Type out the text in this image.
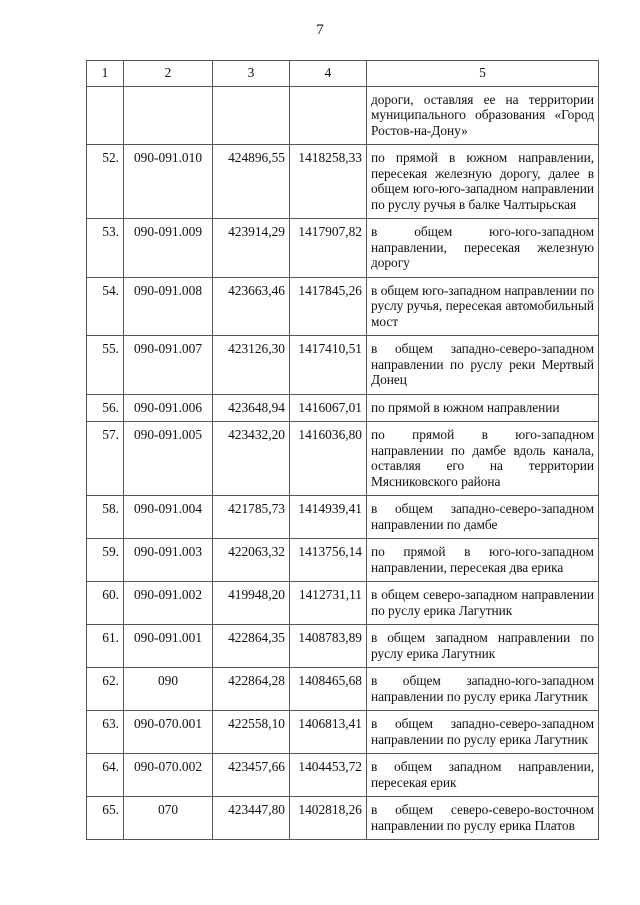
7
1	2	3	4	5
				дороги, оставляя ее на территории муниципального образования «Город Ростов-на-Дону»
52.	090-091.010	424896,55	1418258,33	по прямой в южном направлении, пересекая железную дорогу, далее в общем юго-юго-западном направлении по руслу ручья в балке Чалтырьская
53.	090-091.009	423914,29	1417907,82	в общем юго-юго-западном направлении, пересекая железную дорогу
54.	090-091.008	423663,46	1417845,26	в общем юго-западном направлении по руслу ручья, пересекая автомобильный мост
55.	090-091.007	423126,30	1417410,51	в общем западно-северо-западном направлении по руслу реки Мертвый Донец
56.	090-091.006	423648,94	1416067,01	по прямой в южном направлении
57.	090-091.005	423432,20	1416036,80	по прямой в юго-западном направлении по дамбе вдоль канала, оставляя его на территории Мясниковского района
58.	090-091.004	421785,73	1414939,41	в общем западно-северо-западном направлении по дамбе
59.	090-091.003	422063,32	1413756,14	по прямой в юго-юго-западном направлении, пересекая два ерика
60.	090-091.002	419948,20	1412731,11	в общем северо-западном направлении по руслу ерика Лагутник
61.	090-091.001	422864,35	1408783,89	в общем западном направлении по руслу ерика Лагутник
62.	090	422864,28	1408465,68	в общем западно-юго-западном направлении по руслу ерика Лагутник
63.	090-070.001	422558,10	1406813,41	в общем западно-северо-западном направлении по руслу ерика Лагутник
64.	090-070.002	423457,66	1404453,72	в общем западном направлении, пересекая ерик
65.	070	423447,80	1402818,26	в общем северо-северо-восточном направлении по руслу ерика Платов
